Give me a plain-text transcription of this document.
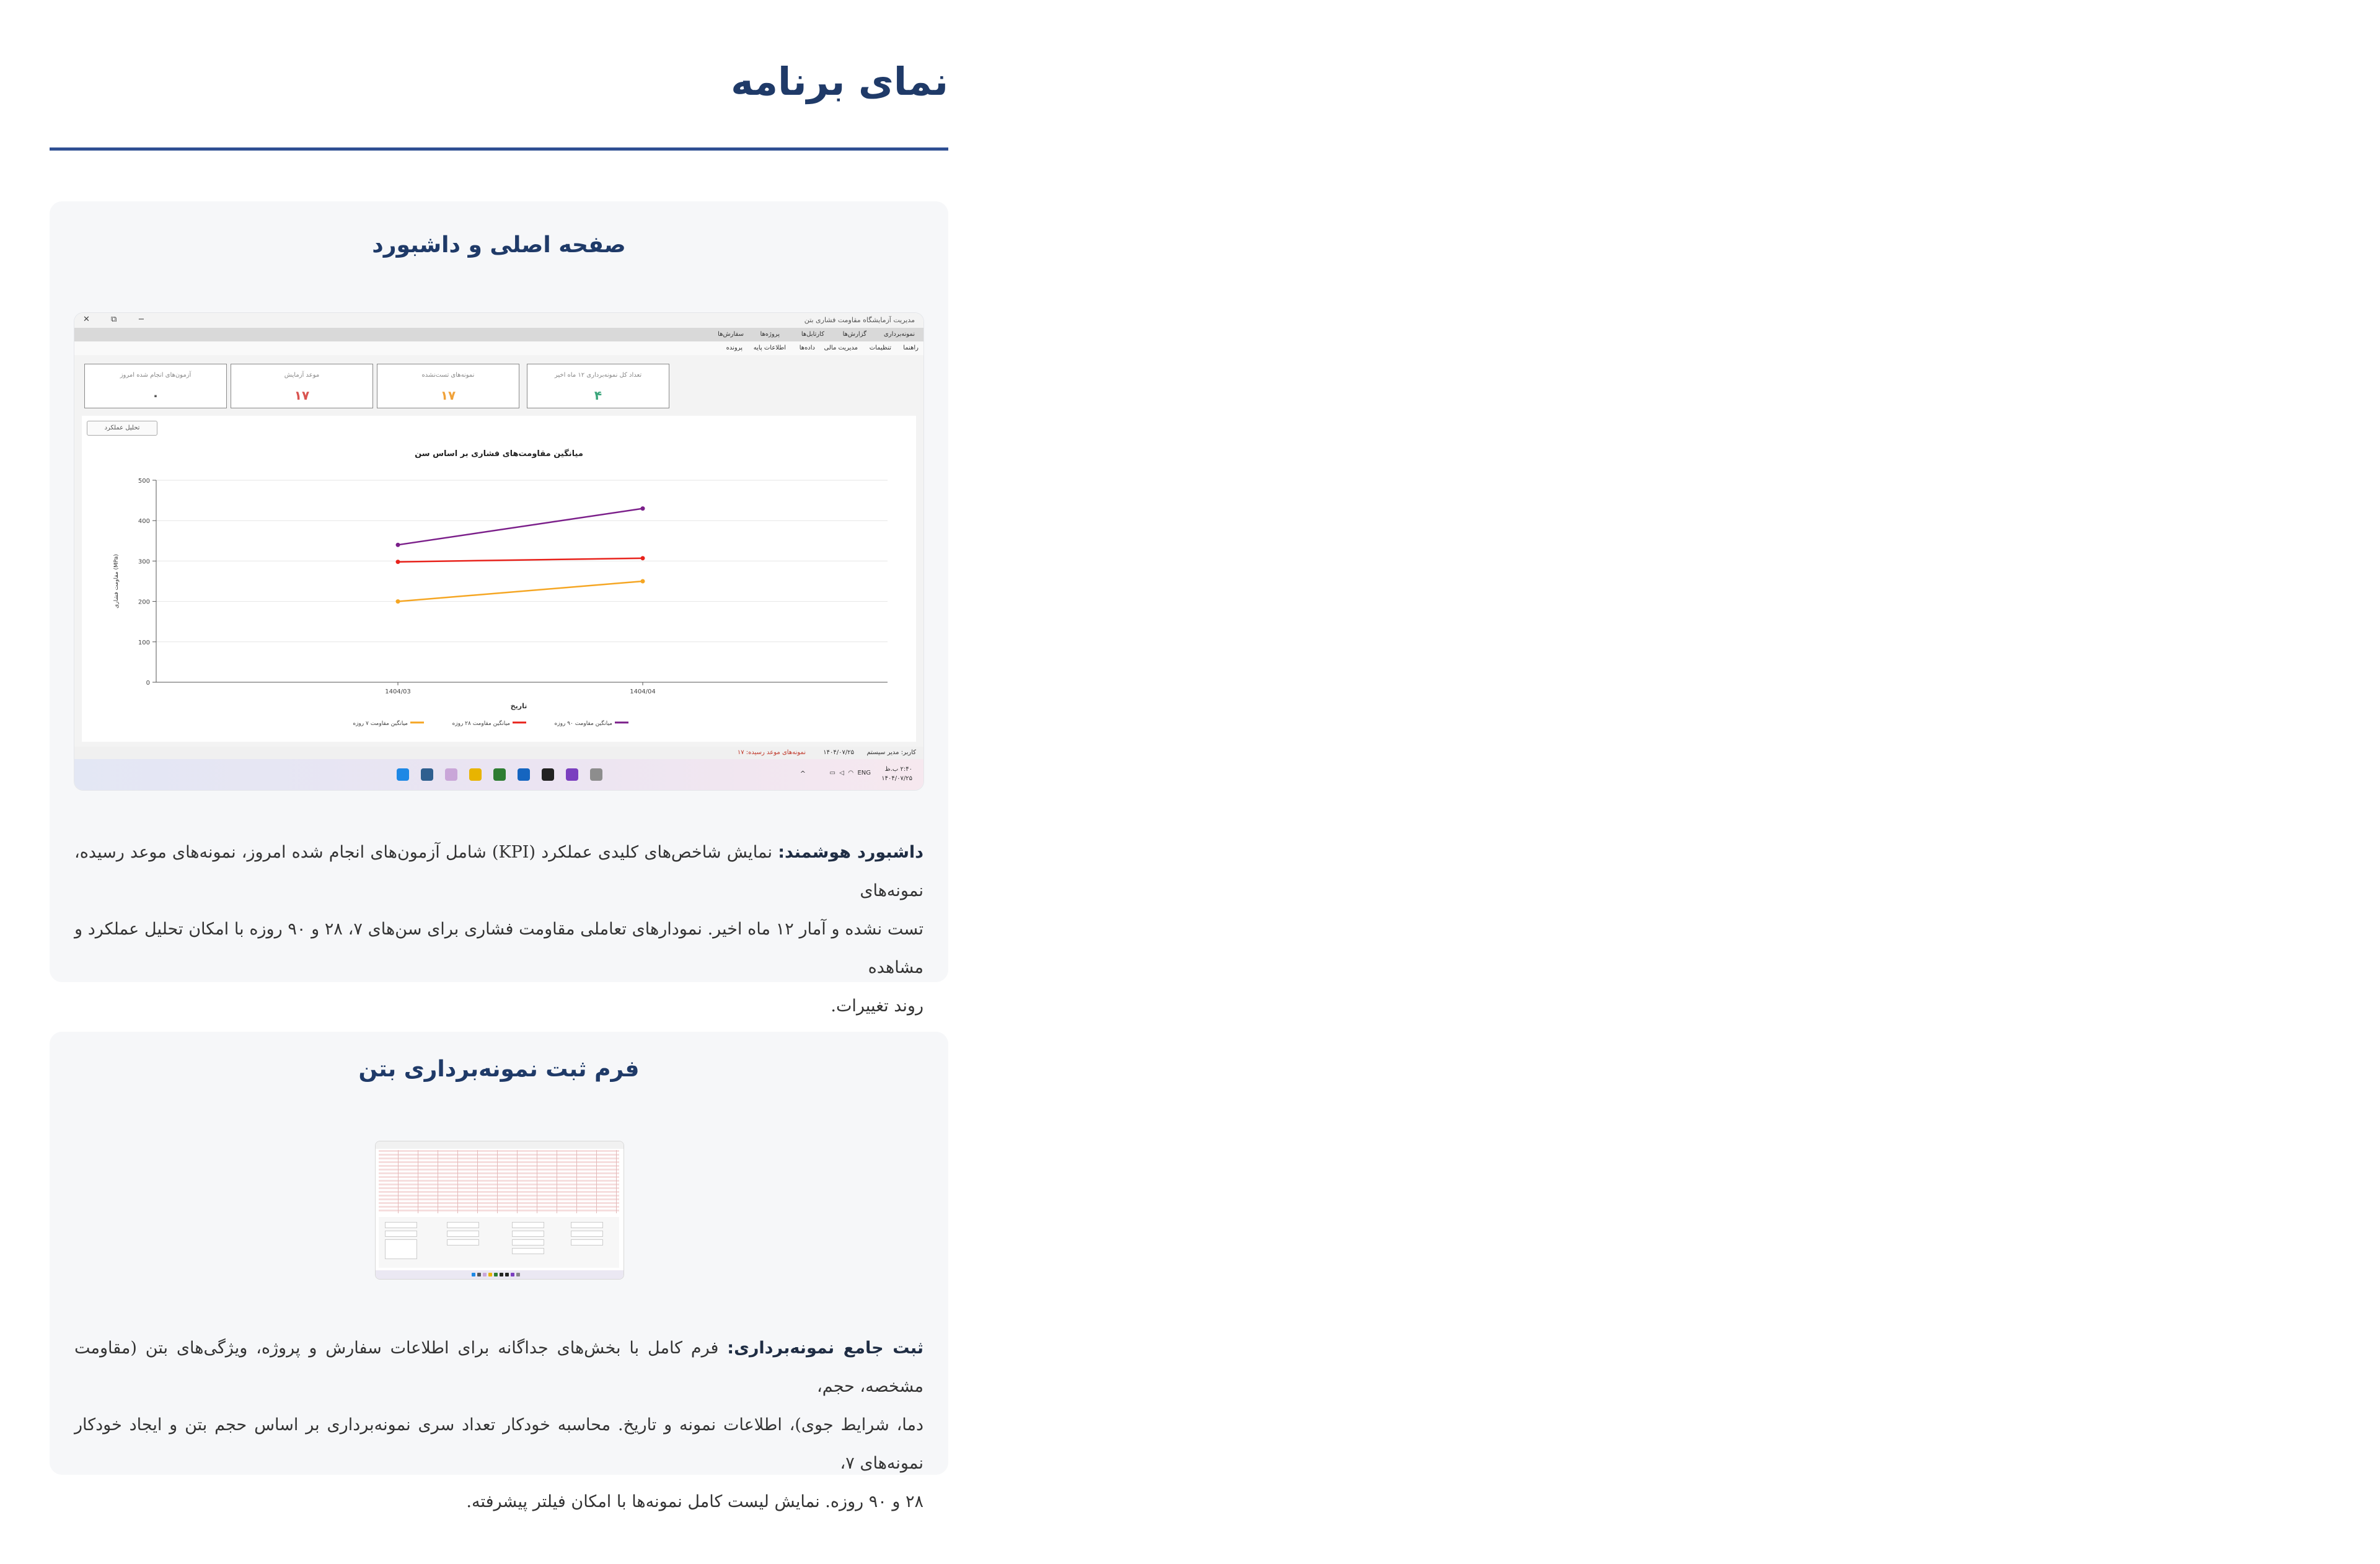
نمای برنامه
صفحه اصلی و داشبورد
مدیریت آزمایشگاه مقاومت فشاری بتن
✕	⧉	−
نمونه‌برداری
گزارش‌ها
کارتابل‌ها
پروژه‌ها
سفارش‌ها
راهنما
تنظیمات
مدیریت مالی
داده‌ها
اطلاعات پایه
پرونده
تعداد کل نمونه‌برداری ۱۲ ماه اخیر
۴
نمونه‌های تست‌نشده
۱۷
موعد آزمایش
۱۷
آزمون‌های انجام شده امروز
۰
تحلیل عملکرد
میانگین مقاومت‌های فشاری بر اساس سن
0
100
200
300
400
500
1404/03	1404/04
تاریخ
مقاومت فشاری (MPa)
میانگین مقاومت ۹۰ روزه
میانگین مقاومت ۲۸ روزه
میانگین مقاومت ۷ روزه
کاربر: مدیر سیستم
۱۴۰۴/۰۷/۲۵
نمونه‌های موعد رسیده: ۱۷
ENG  ◠  ◁  ▭
۲:۴۰ ب.ظ
۱۴۰۴/۰۷/۲۵
^
داشبورد هوشمند: نمایش شاخص‌های کلیدی عملکرد (KPI) شامل آزمون‌های انجام شده امروز، نمونه‌های موعد رسیده، نمونه‌های
تست نشده و آمار ۱۲ ماه اخیر. نمودارهای تعاملی مقاومت فشاری برای سن‌های ۷، ۲۸ و ۹۰ روزه با امکان تحلیل عملکرد و مشاهده
روند تغییرات.
فرم ثبت نمونه‌برداری بتن
ثبت جامع نمونه‌برداری: فرم کامل با بخش‌های جداگانه برای اطلاعات سفارش و پروژه، ویژگی‌های بتن (مقاومت مشخصه، حجم،
دما، شرایط جوی)، اطلاعات نمونه و تاریخ. محاسبه خودکار تعداد سری نمونه‌برداری بر اساس حجم بتن و ایجاد خودکار نمونه‌های ۷،
۲۸ و ۹۰ روزه. نمایش لیست کامل نمونه‌ها با امکان فیلتر پیشرفته.
